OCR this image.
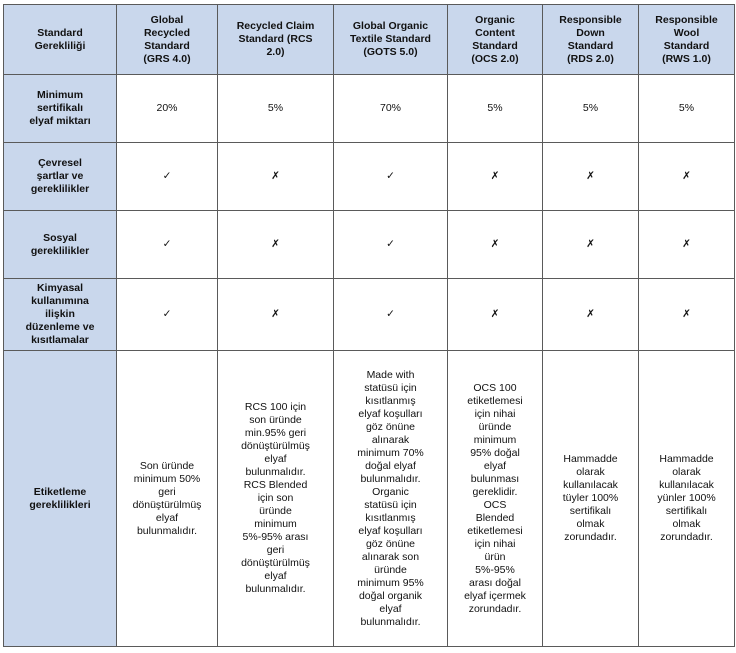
Standard Gerekliliği	Global Recycled Standard (GRS 4.0)	Recycled Claim Standard (RCS 2.0)	Global Organic Textile Standard (GOTS 5.0)	Organic Content Standard (OCS 2.0)	Responsible Down Standard (RDS 2.0)	Responsible Wool Standard (RWS 1.0)
Minimum sertifikalı elyaf miktarı	20%	5%	70%	5%	5%	5%
Çevresel şartlar ve gereklilikler	✓	✗	✓	✗	✗	✗
Sosyal gereklilikler	✓	✗	✓	✗	✗	✗
Kimyasal kullanımına ilişkin düzenleme ve kısıtlamalar	✓	✗	✓	✗	✗	✗
Etiketleme gereklilikleri	Son üründe minimum 50% geri dönüştürülmüş elyaf bulunmalıdır.	RCS 100 için son üründe min.95% geri dönüştürülmüş elyaf bulunmalıdır. RCS Blended için son üründe minimum 5%-95% arası geri dönüştürülmüş elyaf bulunmalıdır.	Made with statüsü için kısıtlanmış elyaf koşulları göz önüne alınarak minimum 70% doğal elyaf bulunmalıdır. Organic statüsü için kısıtlanmış elyaf koşulları göz önüne alınarak son üründe minimum 95% doğal organik elyaf bulunmalıdır.	OCS 100 etiketlemesi için nihai üründe minimum 95% doğal elyaf bulunması gereklidir. OCS Blended etiketlemesi için nihai ürün 5%-95% arası doğal elyaf içermek zorundadır.	Hammadde olarak kullanılacak tüyler 100% sertifikalı olmak zorundadır.	Hammadde olarak kullanılacak yünler 100% sertifikalı olmak zorundadır.
